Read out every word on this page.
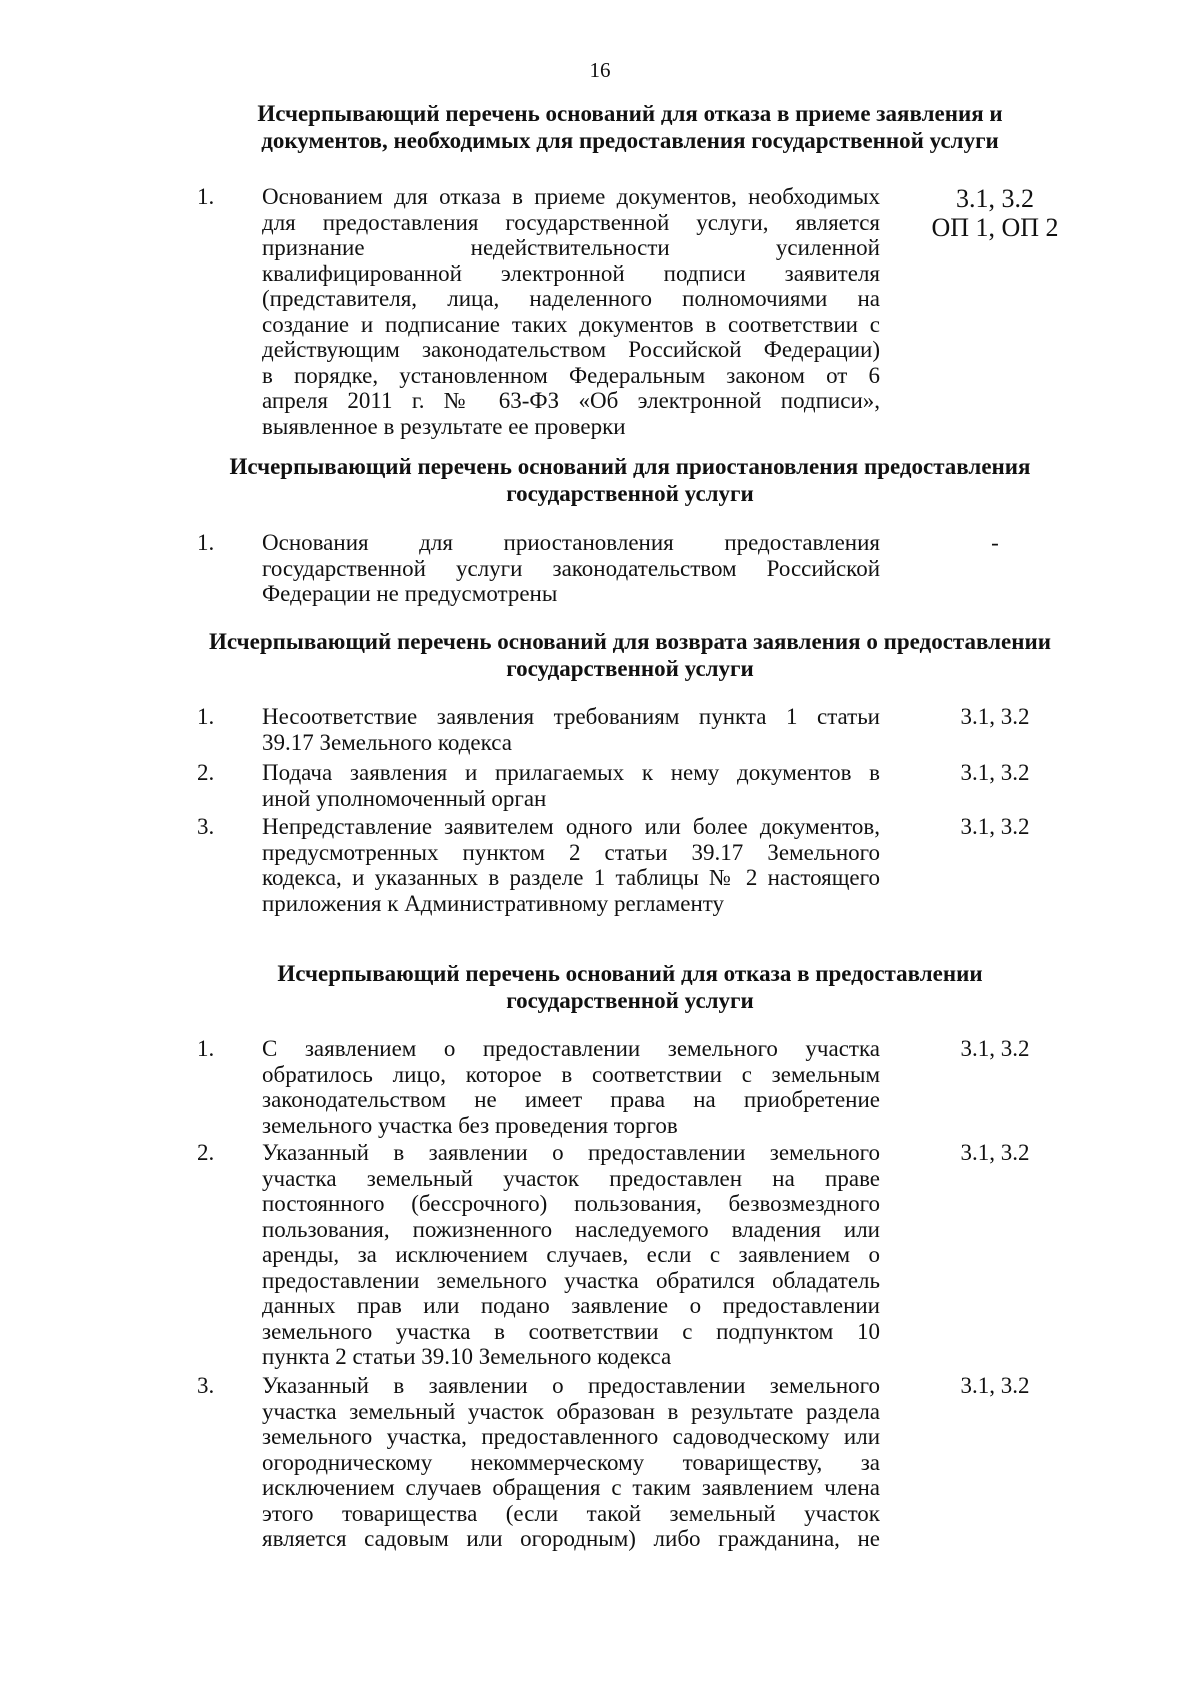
16
Исчерпывающий перечень оснований для отказа в приеме заявления и
документов, необходимых для предоставления государственной услуги
1. Основанием для отказа в приеме документов, необходимых
для предоставления государственной услуги, является
признание недействительности усиленной
квалифицированной электронной подписи заявителя
(представителя, лица, наделенного полномочиями на
создание и подписание таких документов в соответствии с
действующим законодательством Российской Федерации)
в порядке, установленном Федеральным законом от 6
апреля 2011 г. № 63-ФЗ «Об электронной подписи»,
выявленное в результате ее проверки
3.1, 3.2
ОП 1, ОП 2
Исчерпывающий перечень оснований для приостановления предоставления
государственной услуги
1. Основания для приостановления предоставления
государственной услуги законодательством Российской
Федерации не предусмотрены
-
Исчерпывающий перечень оснований для возврата заявления о предоставлении
государственной услуги
1. Несоответствие заявления требованиям пункта 1 статьи
39.17 Земельного кодекса
3.1, 3.2
2. Подача заявления и прилагаемых к нему документов в
иной уполномоченный орган
3.1, 3.2
3. Непредставление заявителем одного или более документов,
предусмотренных пунктом 2 статьи 39.17 Земельного
кодекса, и указанных в разделе 1 таблицы № 2 настоящего
приложения к Административному регламенту
3.1, 3.2
Исчерпывающий перечень оснований для отказа в предоставлении
государственной услуги
1. С заявлением о предоставлении земельного участка
обратилось лицо, которое в соответствии с земельным
законодательством не имеет права на приобретение
земельного участка без проведения торгов
3.1, 3.2
2. Указанный в заявлении о предоставлении земельного
участка земельный участок предоставлен на праве
постоянного (бессрочного) пользования, безвозмездного
пользования, пожизненного наследуемого владения или
аренды, за исключением случаев, если с заявлением о
предоставлении земельного участка обратился обладатель
данных прав или подано заявление о предоставлении
земельного участка в соответствии с подпунктом 10
пункта 2 статьи 39.10 Земельного кодекса
3.1, 3.2
3. Указанный в заявлении о предоставлении земельного
участка земельный участок образован в результате раздела
земельного участка, предоставленного садоводческому или
огородническому некоммерческому товариществу, за
исключением случаев обращения с таким заявлением члена
этого товарищества (если такой земельный участок
является садовым или огородным) либо гражданина, не
3.1, 3.2
